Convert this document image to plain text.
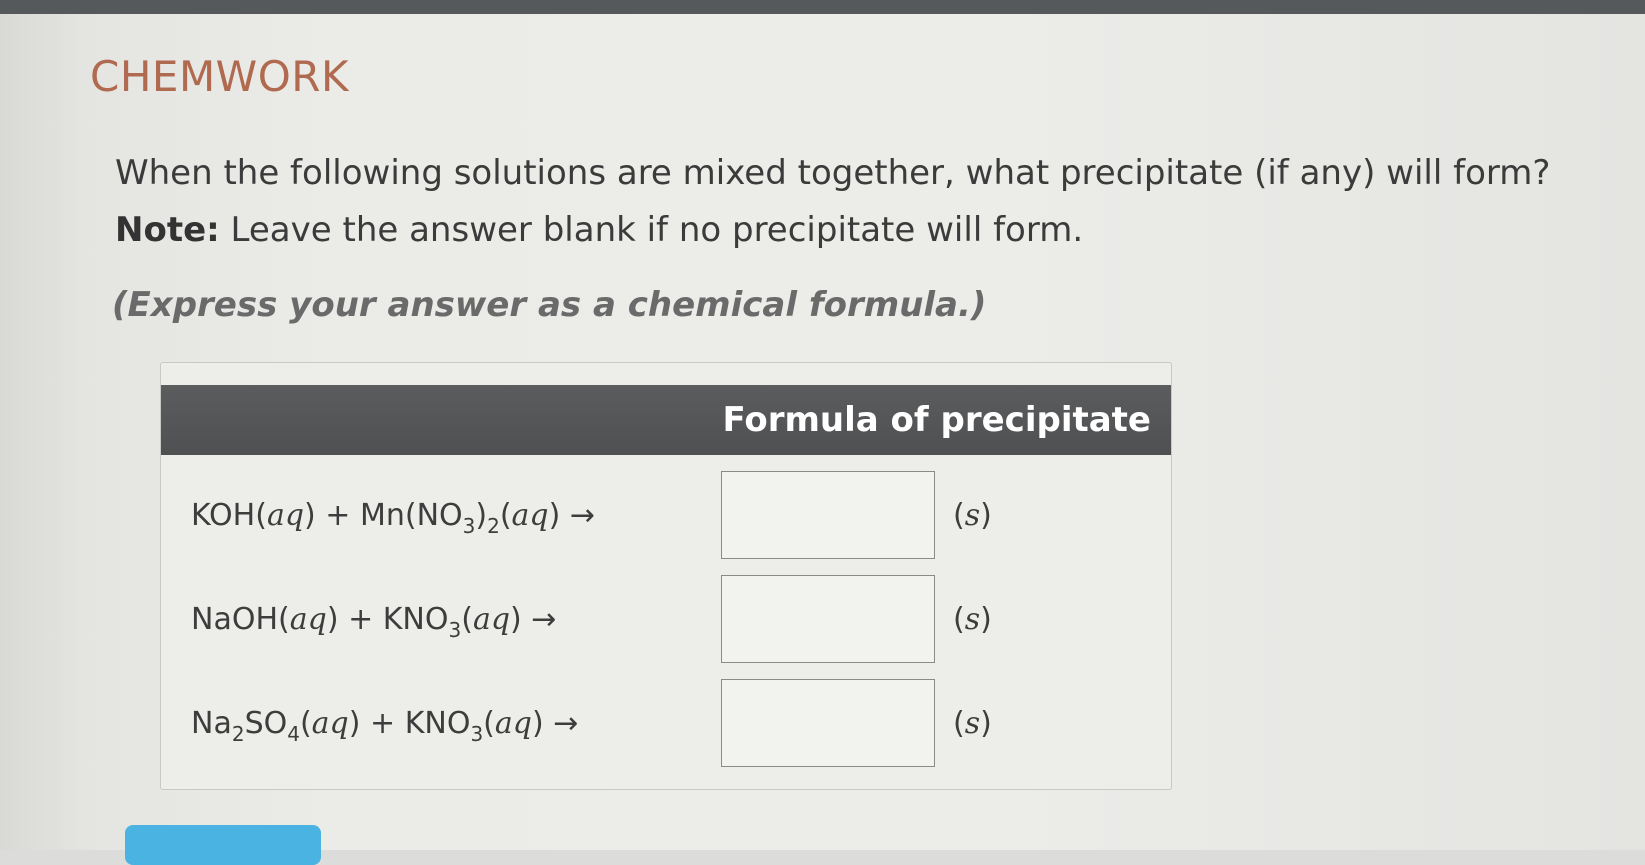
CHEMWORK

When the following solutions are mixed together, what precipitate (if any) will form?

Note: Leave the answer blank if no precipitate will form.

(Express your answer as a chemical formula.)

Formula of precipitate
$KOH(aq) + Mn(NO_3)_2(aq)$ →	(s)
NaOH(aq) + $KNO_3(aq)$ →	(s)
$Na_2SO_4(aq) + KNO_3(aq)$ →	(s)
